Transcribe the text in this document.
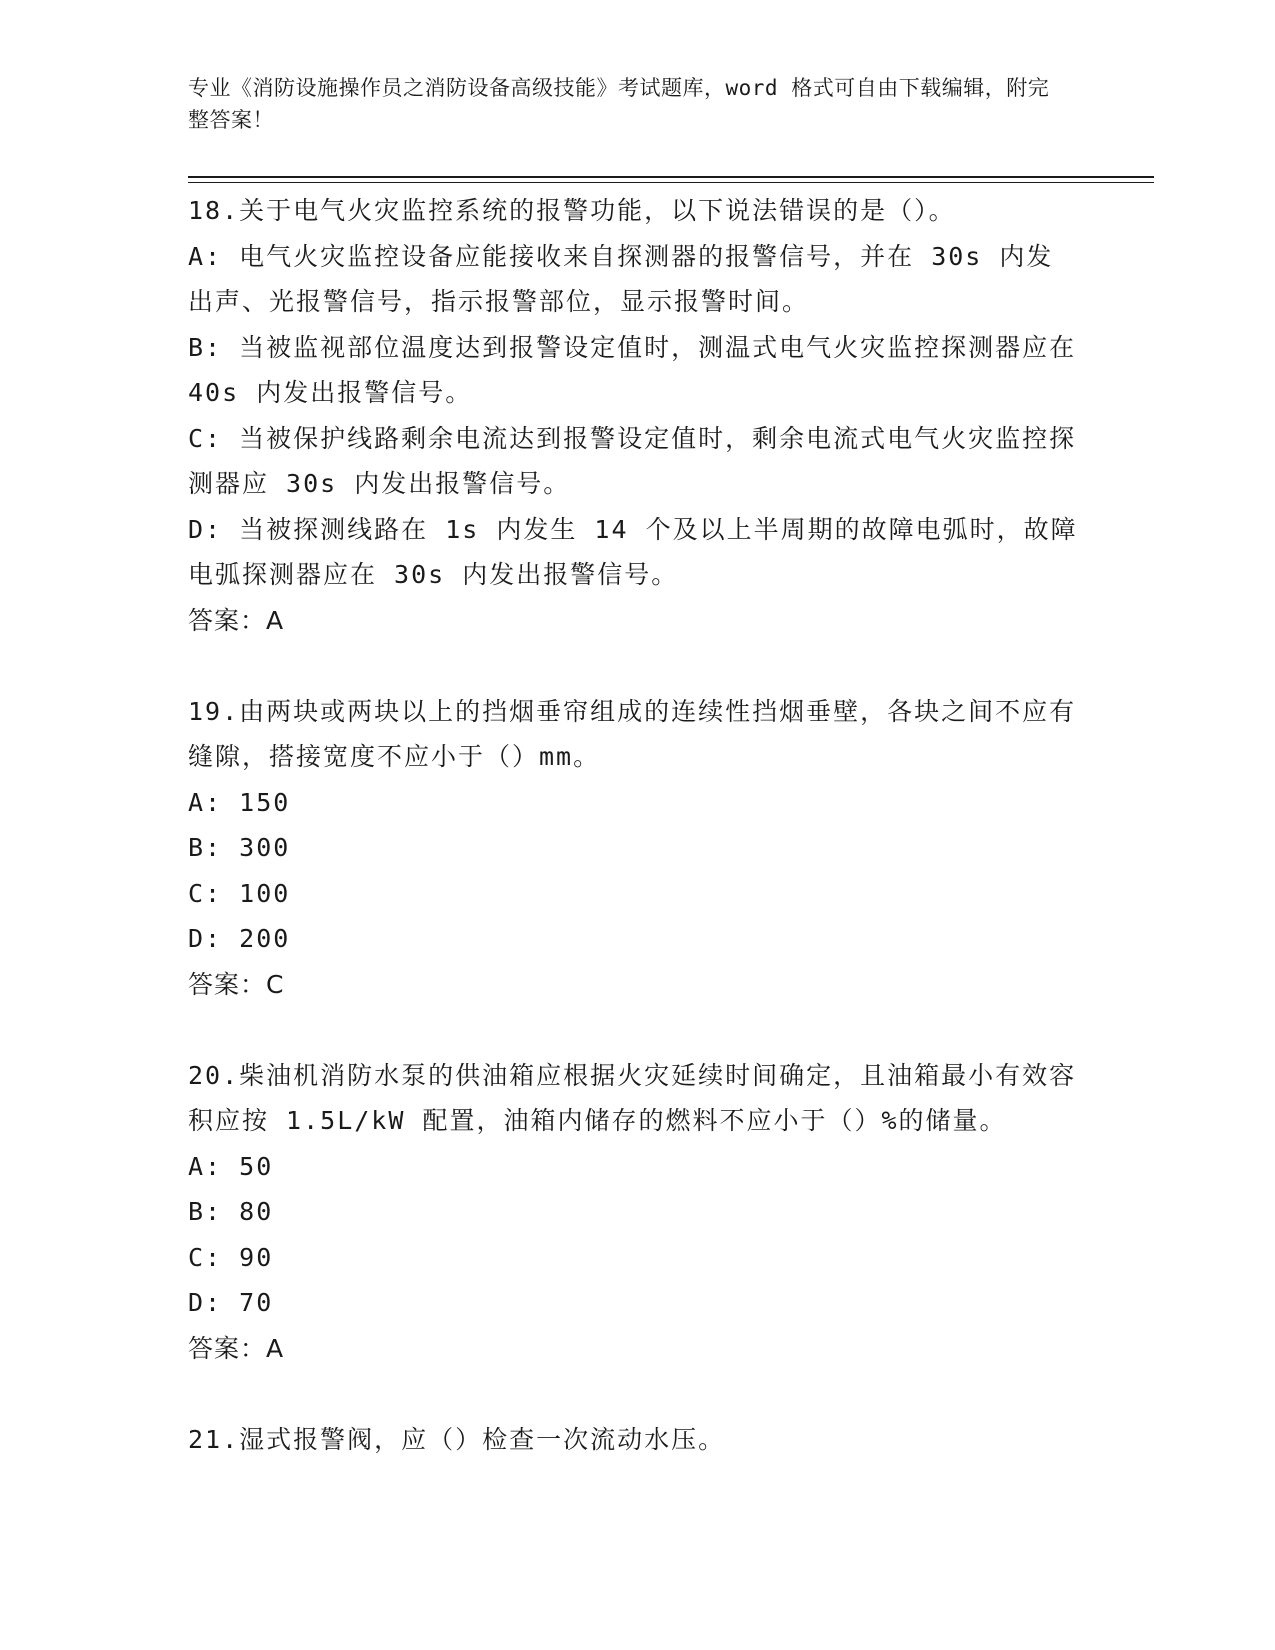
专业《消防设施操作员之消防设备高级技能》考试题库，word 格式可自由下载编辑，附完整答案！

18.关于电气火灾监控系统的报警功能，以下说法错误的是（）。

A: 电气火灾监控设备应能接收来自探测器的报警信号，并在 30s 内发出声、光报警信号，指示报警部位，显示报警时间。

B: 当被监视部位温度达到报警设定值时，测温式电气火灾监控探测器应在 40s 内发出报警信号。

C: 当被保护线路剩余电流达到报警设定值时，剩余电流式电气火灾监控探测器应 30s 内发出报警信号。

D: 当被探测线路在 1s 内发生 14 个及以上半周期的故障电弧时，故障电弧探测器应在 30s 内发出报警信号。

答案：A

19.由两块或两块以上的挡烟垂帘组成的连续性挡烟垂壁，各块之间不应有缝隙，搭接宽度不应小于（）mm。

A: 150

B: 300

C: 100

D: 200

答案：C

20.柴油机消防水泵的供油箱应根据火灾延续时间确定，且油箱最小有效容积应按 1.5L/kW 配置，油箱内储存的燃料不应小于（）%的储量。

A: 50

B: 80

C: 90

D: 70

答案：A

21.湿式报警阀，应（）检查一次流动水压。
